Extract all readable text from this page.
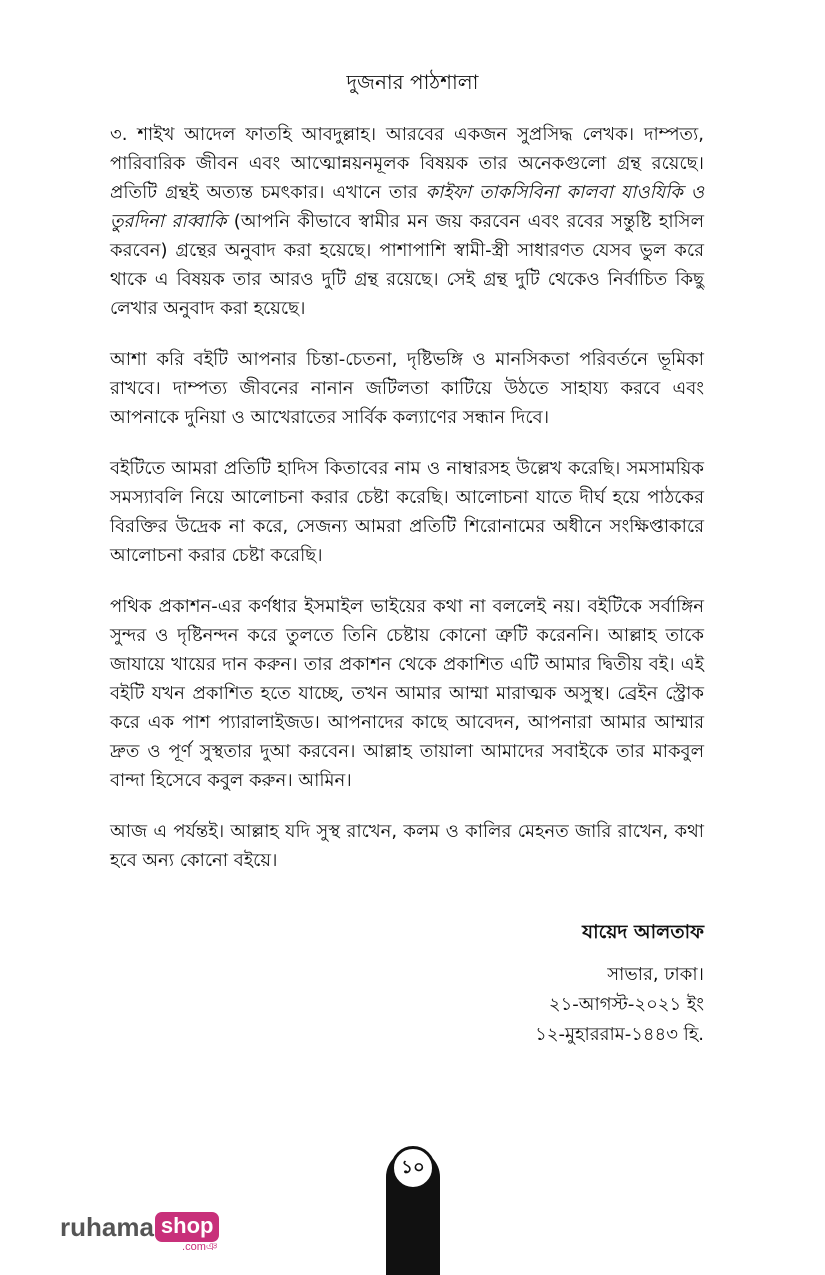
দুজনার পাঠশালা

৩. শাইখ আদেল ফাতহি আবদুল্লাহ। আরবের একজন সুপ্রসিদ্ধ লেখক। দাম্পত্য, পারিবারিক জীবন এবং আত্মোন্নয়নমূলক বিষয়ক তার অনেকগুলো গ্রন্থ রয়েছে। প্রতিটি গ্রন্থই অত্যন্ত চমৎকার। এখানে তার কাইফা তাকসিবিনা কালবা যাওযিকি ও তুরদিনা রাব্বাকি (আপনি কীভাবে স্বামীর মন জয় করবেন এবং রবের সন্তুষ্টি হাসিল করবেন) গ্রন্থের অনুবাদ করা হয়েছে। পাশাপাশি স্বামী-স্ত্রী সাধারণত যেসব ভুল করে থাকে এ বিষয়ক তার আরও দুটি গ্রন্থ রয়েছে। সেই গ্রন্থ দুটি থেকেও নির্বাচিত কিছু লেখার অনুবাদ করা হয়েছে।

আশা করি বইটি আপনার চিন্তা-চেতনা, দৃষ্টিভঙ্গি ও মানসিকতা পরিবর্তনে ভূমিকা রাখবে। দাম্পত্য জীবনের নানান জটিলতা কাটিয়ে উঠতে সাহায্য করবে এবং আপনাকে দুনিয়া ও আখেরাতের সার্বিক কল্যাণের সন্ধান দিবে।

বইটিতে আমরা প্রতিটি হাদিস কিতাবের নাম ও নাম্বারসহ উল্লেখ করেছি। সমসাময়িক সমস্যাবলি নিয়ে আলোচনা করার চেষ্টা করেছি। আলোচনা যাতে দীর্ঘ হয়ে পাঠকের বিরক্তির উদ্রেক না করে, সেজন্য আমরা প্রতিটি শিরোনামের অধীনে সংক্ষিপ্তাকারে আলোচনা করার চেষ্টা করেছি।

পথিক প্রকাশন-এর কর্ণধার ইসমাইল ভাইয়ের কথা না বললেই নয়। বইটিকে সর্বাঙ্গিন সুন্দর ও দৃষ্টিনন্দন করে তুলতে তিনি চেষ্টায় কোনো ত্রুটি করেননি। আল্লাহ তাকে জাযায়ে খায়ের দান করুন। তার প্রকাশন থেকে প্রকাশিত এটি আমার দ্বিতীয় বই। এই বইটি যখন প্রকাশিত হতে যাচ্ছে, তখন আমার আম্মা মারাত্মক অসুস্থ। ব্রেইন স্ট্রোক করে এক পাশ প্যারালাইজড। আপনাদের কাছে আবেদন, আপনারা আমার আম্মার দ্রুত ও পূর্ণ সুস্থতার দুআ করবেন। আল্লাহ তায়ালা আমাদের সবাইকে তার মাকবুল বান্দা হিসেবে কবুল করুন। আমিন।

আজ এ পর্যন্তই। আল্লাহ যদি সুস্থ রাখেন, কলম ও কালির মেহনত জারি রাখেন, কথা হবে অন্য কোনো বইয়ে।

যায়েদ আলতাফ
সাভার, ঢাকা।
২১-আগস্ট-২০২১ ইং
১২-মুহাররাম-১৪৪৩ হি.
১০
ruhama shop
.comঞ
